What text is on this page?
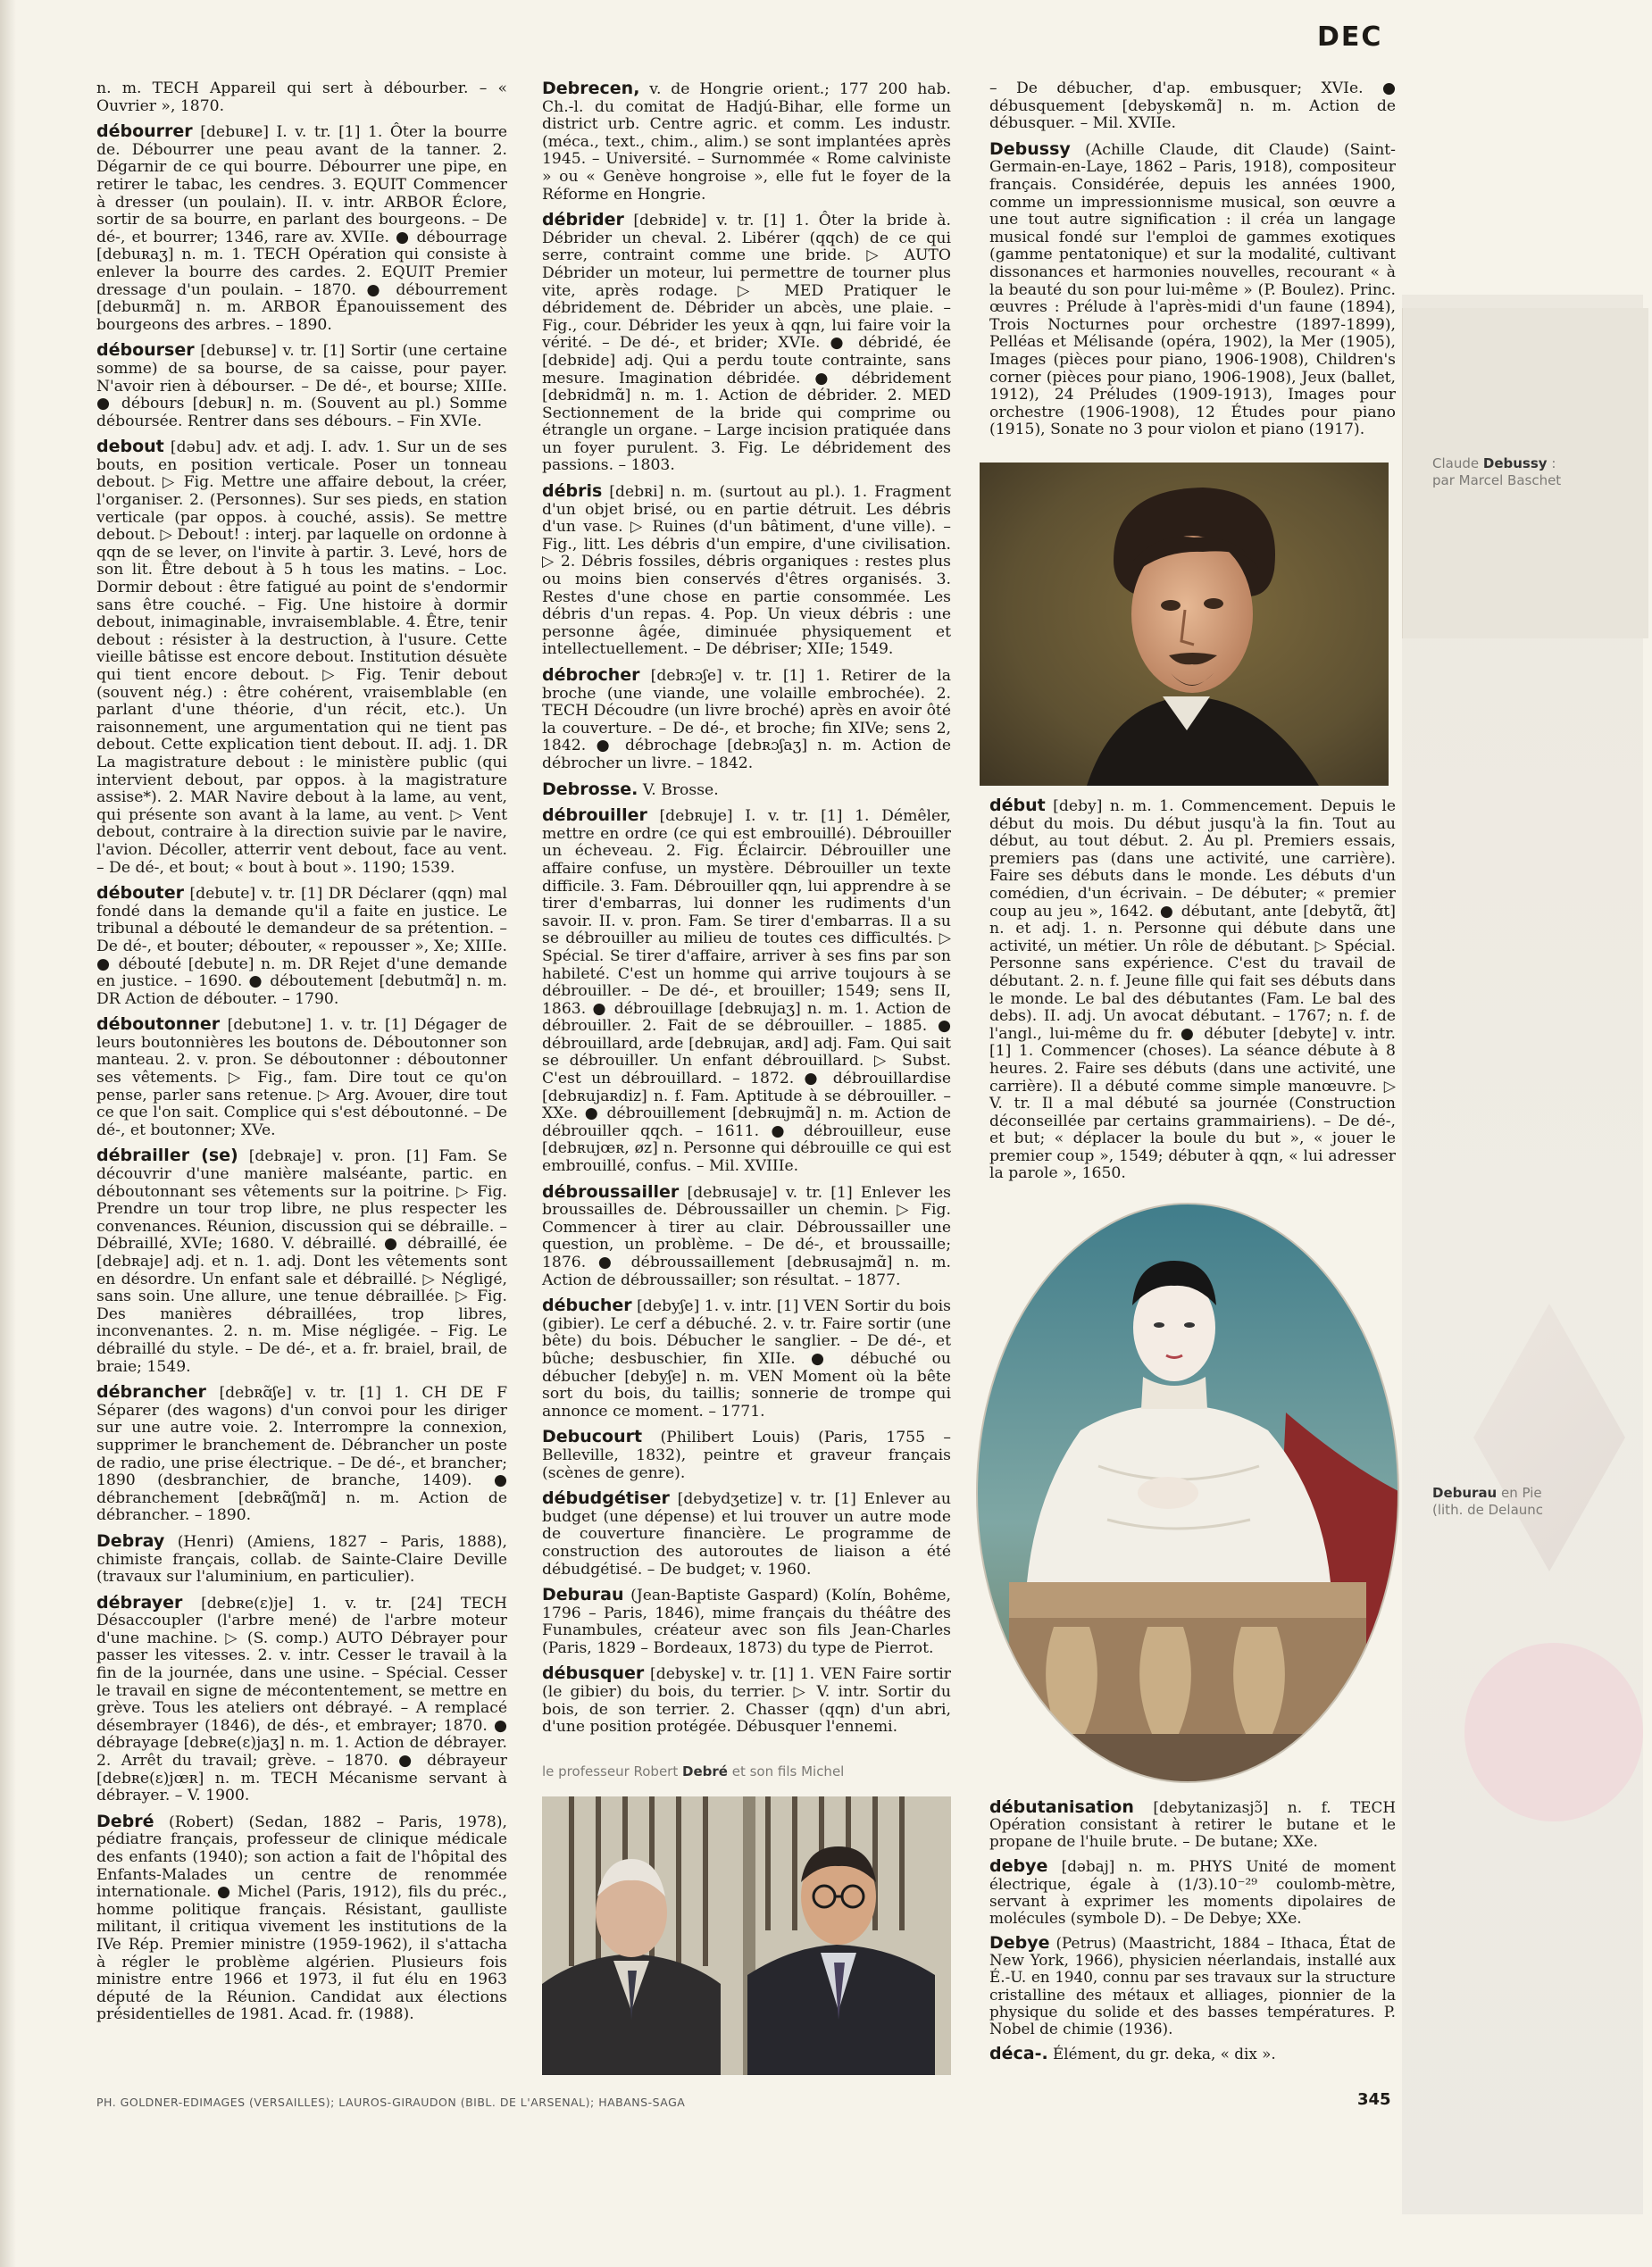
DEC
n. m. TECH Appareil qui sert à débourber. – « Ouvrier », 1870.
débourrer [debuʀe] I. v. tr. [1] 1. Ôter la bourre de. Débourrer une peau avant de la tanner. 2. Dégarnir de ce qui bourre. Débourrer une pipe, en retirer le tabac, les cendres. 3. EQUIT Commencer à dresser (un poulain). II. v. intr. ARBOR Éclore, sortir de sa bourre, en parlant des bourgeons. – De dé-, et bourrer; 1346, rare av. XVIIe. ● débourrage [debuʀaʒ] n. m. 1. TECH Opération qui consiste à enlever la bourre des cardes. 2. EQUIT Premier dressage d'un poulain. – 1870. ● débourrement [debuʀmɑ̃] n. m. ARBOR Épanouissement des bourgeons des arbres. – 1890.
débourser [debuʀse] v. tr. [1] Sortir (une certaine somme) de sa bourse, de sa caisse, pour payer. N'avoir rien à débourser. – De dé-, et bourse; XIIIe. ● débours [debuʀ] n. m. (Souvent au pl.) Somme déboursée. Rentrer dans ses débours. – Fin XVIe.
debout [dəbu] adv. et adj. I. adv. 1. Sur un de ses bouts, en position verticale. Poser un tonneau debout. ▷ Fig. Mettre une affaire debout, la créer, l'organiser. 2. (Personnes). Sur ses pieds, en station verticale (par oppos. à couché, assis). Se mettre debout. ▷ Debout! : interj. par laquelle on ordonne à qqn de se lever, on l'invite à partir. 3. Levé, hors de son lit. Être debout à 5 h tous les matins. – Loc. Dormir debout : être fatigué au point de s'endormir sans être couché. – Fig. Une histoire à dormir debout, inimaginable, invraisemblable. 4. Être, tenir debout : résister à la destruction, à l'usure. Cette vieille bâtisse est encore debout. Institution désuète qui tient encore debout. ▷ Fig. Tenir debout (souvent nég.) : être cohérent, vraisemblable (en parlant d'une théorie, d'un récit, etc.). Un raisonnement, une argumentation qui ne tient pas debout. Cette explication tient debout. II. adj. 1. DR La magistrature debout : le ministère public (qui intervient debout, par oppos. à la magistrature assise*). 2. MAR Navire debout à la lame, au vent, qui présente son avant à la lame, au vent. ▷ Vent debout, contraire à la direction suivie par le navire, l'avion. Décoller, atterrir vent debout, face au vent. – De dé-, et bout; « bout à bout ». 1190; 1539.
débouter [debute] v. tr. [1] DR Déclarer (qqn) mal fondé dans la demande qu'il a faite en justice. Le tribunal a débouté le demandeur de sa prétention. – De dé-, et bouter; débouter, « repousser », Xe; XIIIe. ● débouté [debute] n. m. DR Rejet d'une demande en justice. – 1690. ● déboutement [debutmɑ̃] n. m. DR Action de débouter. – 1790.
déboutonner [debutɔne] 1. v. tr. [1] Dégager de leurs boutonnières les boutons de. Déboutonner son manteau. 2. v. pron. Se déboutonner : déboutonner ses vêtements. ▷ Fig., fam. Dire tout ce qu'on pense, parler sans retenue. ▷ Arg. Avouer, dire tout ce que l'on sait. Complice qui s'est déboutonné. – De dé-, et boutonner; XVe.
débrailler (se) [debʀaje] v. pron. [1] Fam. Se découvrir d'une manière malséante, partic. en déboutonnant ses vêtements sur la poitrine. ▷ Fig. Prendre un tour trop libre, ne plus respecter les convenances. Réunion, discussion qui se débraille. – Débraillé, XVIe; 1680. V. débraillé. ● débraillé, ée [debʀaje] adj. et n. 1. adj. Dont les vêtements sont en désordre. Un enfant sale et débraillé. ▷ Négligé, sans soin. Une allure, une tenue débraillée. ▷ Fig. Des manières débraillées, trop libres, inconvenantes. 2. n. m. Mise négligée. – Fig. Le débraillé du style. – De dé-, et a. fr. braiel, brail, de braie; 1549.
débrancher [debʀɑ̃ʃe] v. tr. [1] 1. CH DE F Séparer (des wagons) d'un convoi pour les diriger sur une autre voie. 2. Interrompre la connexion, supprimer le branchement de. Débrancher un poste de radio, une prise électrique. – De dé-, et brancher; 1890 (desbranchier, de branche, 1409). ● débranchement [debʀɑ̃ʃmɑ̃] n. m. Action de débrancher. – 1890.
Debray (Henri) (Amiens, 1827 – Paris, 1888), chimiste français, collab. de Sainte-Claire Deville (travaux sur l'aluminium, en particulier).
débrayer [debʀe(ɛ)je] 1. v. tr. [24] TECH Désaccoupler (l'arbre mené) de l'arbre moteur d'une machine. ▷ (S. comp.) AUTO Débrayer pour passer les vitesses. 2. v. intr. Cesser le travail à la fin de la journée, dans une usine. – Spécial. Cesser le travail en signe de mécontentement, se mettre en grève. Tous les ateliers ont débrayé. – A remplacé désembrayer (1846), de dés-, et embrayer; 1870. ● débrayage [debʀe(ɛ)jaʒ] n. m. 1. Action de débrayer. 2. Arrêt du travail; grève. – 1870. ● débrayeur [debʀe(ɛ)jœʀ] n. m. TECH Mécanisme servant à débrayer. – V. 1900.
Debré (Robert) (Sedan, 1882 – Paris, 1978), pédiatre français, professeur de clinique médicale des enfants (1940); son action a fait de l'hôpital des Enfants-Malades un centre de renommée internationale. ● Michel (Paris, 1912), fils du préc., homme politique français. Résistant, gaulliste militant, il critiqua vivement les institutions de la IVe Rép. Premier ministre (1959-1962), il s'attacha à régler le problème algérien. Plusieurs fois ministre entre 1966 et 1973, il fut élu en 1963 député de la Réunion. Candidat aux élections présidentielles de 1981. Acad. fr. (1988).
Debrecen, v. de Hongrie orient.; 177 200 hab. Ch.-l. du comitat de Hadjú-Bihar, elle forme un district urb. Centre agric. et comm. Les industr. (méca., text., chim., alim.) se sont implantées après 1945. – Université. – Surnommée « Rome calviniste » ou « Genève hongroise », elle fut le foyer de la Réforme en Hongrie.
débrider [debʀide] v. tr. [1] 1. Ôter la bride à. Débrider un cheval. 2. Libérer (qqch) de ce qui serre, contraint comme une bride. ▷ AUTO Débrider un moteur, lui permettre de tourner plus vite, après rodage. ▷ MED Pratiquer le débridement de. Débrider un abcès, une plaie. – Fig., cour. Débrider les yeux à qqn, lui faire voir la vérité. – De dé-, et brider; XVIe. ● débridé, ée [debʀide] adj. Qui a perdu toute contrainte, sans mesure. Imagination débridée. ● débridement [debʀidmɑ̃] n. m. 1. Action de débrider. 2. MED Sectionnement de la bride qui comprime ou étrangle un organe. – Large incision pratiquée dans un foyer purulent. 3. Fig. Le débridement des passions. – 1803.
débris [debʀi] n. m. (surtout au pl.). 1. Fragment d'un objet brisé, ou en partie détruit. Les débris d'un vase. ▷ Ruines (d'un bâtiment, d'une ville). – Fig., litt. Les débris d'un empire, d'une civilisation. ▷ 2. Débris fossiles, débris organiques : restes plus ou moins bien conservés d'êtres organisés. 3. Restes d'une chose en partie consommée. Les débris d'un repas. 4. Pop. Un vieux débris : une personne âgée, diminuée physiquement et intellectuellement. – De débriser; XIIe; 1549.
débrocher [debʀɔʃe] v. tr. [1] 1. Retirer de la broche (une viande, une volaille embrochée). 2. TECH Découdre (un livre broché) après en avoir ôté la couverture. – De dé-, et broche; fin XIVe; sens 2, 1842. ● débrochage [debʀɔʃaʒ] n. m. Action de débrocher un livre. – 1842.
Debrosse. V. Brosse.
débrouiller [debʀuje] I. v. tr. [1] 1. Démêler, mettre en ordre (ce qui est embrouillé). Débrouiller un écheveau. 2. Fig. Éclaircir. Débrouiller une affaire confuse, un mystère. Débrouiller un texte difficile. 3. Fam. Débrouiller qqn, lui apprendre à se tirer d'embarras, lui donner les rudiments d'un savoir. II. v. pron. Fam. Se tirer d'embarras. Il a su se débrouiller au milieu de toutes ces difficultés. ▷ Spécial. Se tirer d'affaire, arriver à ses fins par son habileté. C'est un homme qui arrive toujours à se débrouiller. – De dé-, et brouiller; 1549; sens II, 1863. ● débrouillage [debʀujaʒ] n. m. 1. Action de débrouiller. 2. Fait de se débrouiller. – 1885. ● débrouillard, arde [debʀujaʀ, aʀd] adj. Fam. Qui sait se débrouiller. Un enfant débrouillard. ▷ Subst. C'est un débrouillard. – 1872. ● débrouillardise [debʀujaʀdiz] n. f. Fam. Aptitude à se débrouiller. – XXe. ● débrouillement [debʀujmɑ̃] n. m. Action de débrouiller qqch. – 1611. ● débrouilleur, euse [debʀujœʀ, øz] n. Personne qui débrouille ce qui est embrouillé, confus. – Mil. XVIIIe.
débroussailler [debʀusaje] v. tr. [1] Enlever les broussailles de. Débroussailler un chemin. ▷ Fig. Commencer à tirer au clair. Débroussailler une question, un problème. – De dé-, et broussaille; 1876. ● débroussaillement [debʀusajmɑ̃] n. m. Action de débroussailler; son résultat. – 1877.
débucher [debyʃe] 1. v. intr. [1] VEN Sortir du bois (gibier). Le cerf a débuché. 2. v. tr. Faire sortir (une bête) du bois. Débucher le sanglier. – De dé-, et bûche; desbuschier, fin XIIe. ● débuché ou débucher [debyʃe] n. m. VEN Moment où la bête sort du bois, du taillis; sonnerie de trompe qui annonce ce moment. – 1771.
Debucourt (Philibert Louis) (Paris, 1755 – Belleville, 1832), peintre et graveur français (scènes de genre).
débudgétiser [debydʒetize] v. tr. [1] Enlever au budget (une dépense) et lui trouver un autre mode de couverture financière. Le programme de construction des autoroutes de liaison a été débudgétisé. – De budget; v. 1960.
Deburau (Jean-Baptiste Gaspard) (Kolín, Bohême, 1796 – Paris, 1846), mime français du théâtre des Funambules, créateur avec son fils Jean-Charles (Paris, 1829 – Bordeaux, 1873) du type de Pierrot.
débusquer [debyske] v. tr. [1] 1. VEN Faire sortir (le gibier) du bois, du terrier. ▷ V. intr. Sortir du bois, de son terrier. 2. Chasser (qqn) d'un abri, d'une position protégée. Débusquer l'ennemi.
– De débucher, d'ap. embusquer; XVIe. ● débusquement [debyskəmɑ̃] n. m. Action de débusquer. – Mil. XVIIe.
Debussy (Achille Claude, dit Claude) (Saint-Germain-en-Laye, 1862 – Paris, 1918), compositeur français. Considérée, depuis les années 1900, comme un impressionnisme musical, son œuvre a une tout autre signification : il créa un langage musical fondé sur l'emploi de gammes exotiques (gamme pentatonique) et sur la modalité, cultivant dissonances et harmonies nouvelles, recourant « à la beauté du son pour lui-même » (P. Boulez). Princ. œuvres : Prélude à l'après-midi d'un faune (1894), Trois Nocturnes pour orchestre (1897-1899), Pelléas et Mélisande (opéra, 1902), la Mer (1905), Images (pièces pour piano, 1906-1908), Children's corner (pièces pour piano, 1906-1908), Jeux (ballet, 1912), 24 Préludes (1909-1913), Images pour orchestre (1906-1908), 12 Études pour piano (1915), Sonate no 3 pour violon et piano (1917).
Claude Debussy :
par Marcel Baschet
début [deby] n. m. 1. Commencement. Depuis le début du mois. Du début jusqu'à la fin. Tout au début, au tout début. 2. Au pl. Premiers essais, premiers pas (dans une activité, une carrière). Faire ses débuts dans le monde. Les débuts d'un comédien, d'un écrivain. – De débuter; « premier coup au jeu », 1642. ● débutant, ante [debytɑ̃, ɑ̃t] n. et adj. 1. n. Personne qui débute dans une activité, un métier. Un rôle de débutant. ▷ Spécial. Personne sans expérience. C'est du travail de débutant. 2. n. f. Jeune fille qui fait ses débuts dans le monde. Le bal des débutantes (Fam. Le bal des debs). II. adj. Un avocat débutant. – 1767; n. f. de l'angl., lui-même du fr. ● débuter [debyte] v. intr. [1] 1. Commencer (choses). La séance débute à 8 heures. 2. Faire ses débuts (dans une activité, une carrière). Il a débuté comme simple manœuvre. ▷ V. tr. Il a mal débuté sa journée (Construction déconseillée par certains grammairiens). – De dé-, et but; « déplacer la boule du but », « jouer le premier coup », 1549; débuter à qqn, « lui adresser la parole », 1650.
Deburau en Pie
(lith. de Delaunc
le professeur Robert Debré et son fils Michel
débutanisation [debytanizasjɔ̃] n. f. TECH Opération consistant à retirer le butane et le propane de l'huile brute. – De butane; XXe.
debye [dəbaj] n. m. PHYS Unité de moment électrique, égale à (1/3).10⁻²⁹ coulomb-mètre, servant à exprimer les moments dipolaires de molécules (symbole D). – De Debye; XXe.
Debye (Petrus) (Maastricht, 1884 – Ithaca, État de New York, 1966), physicien néerlandais, installé aux É.-U. en 1940, connu par ses travaux sur la structure cristalline des métaux et alliages, pionnier de la physique du solide et des basses températures. P. Nobel de chimie (1936).
déca-. Élément, du gr. deka, « dix ».
PH. GOLDNER-EDIMAGES (VERSAILLES); LAUROS-GIRAUDON (BIBL. DE L'ARSENAL); HABANS-SAGA	345
